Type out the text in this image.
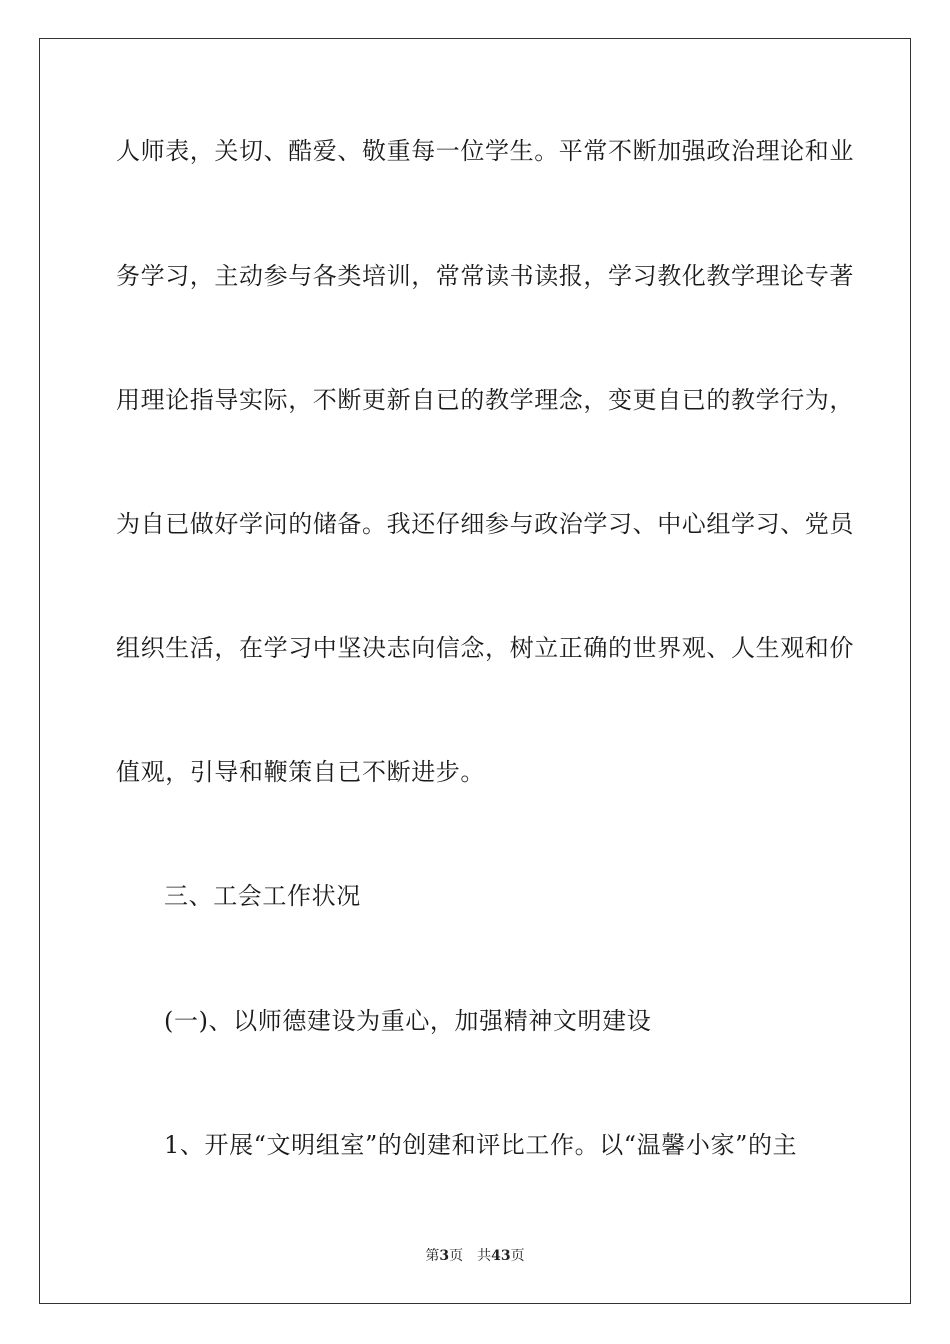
人师表，关切、酷爱、敬重每一位学生。平常不断加强政治理论和业
务学习，主动参与各类培训，常常读书读报，学习教化教学理论专著
用理论指导实际，不断更新自已的教学理念，变更自已的教学行为，
为自已做好学问的储备。我还仔细参与政治学习、中心组学习、党员
组织生活，在学习中坚决志向信念，树立正确的世界观、人生观和价
值观，引导和鞭策自已不断进步。
三、工会工作状况
(一)、以师德建设为重心，加强精神文明建设
1、开展“文明组室”的创建和评比工作。以“温馨小家”的主
第3页 共43页
